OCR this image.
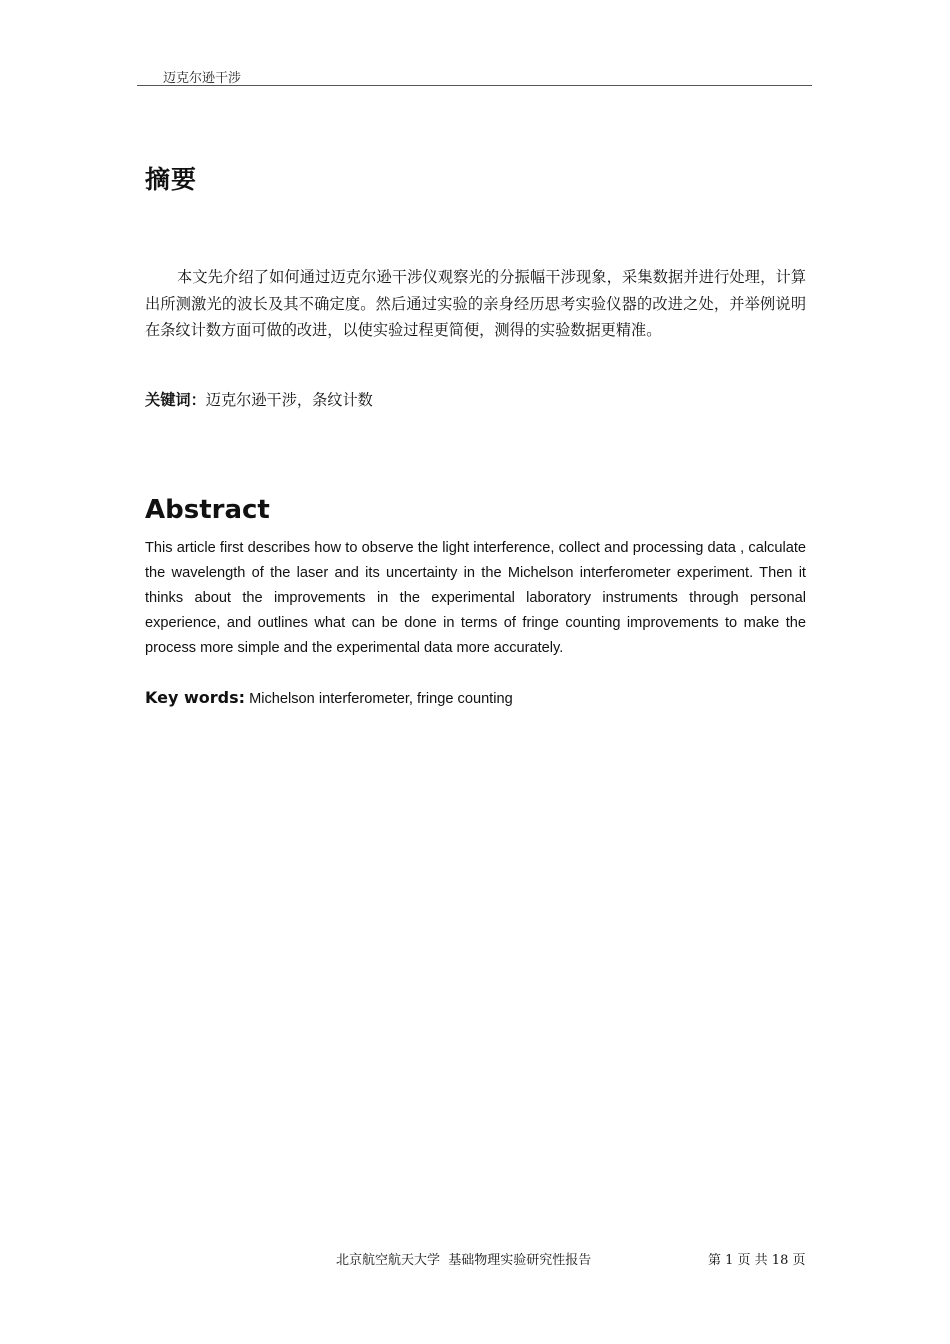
迈克尔逊干涉
摘要

本文先介绍了如何通过迈克尔逊干涉仪观察光的分振幅干涉现象，采集数据并进行处理，计算出所测激光的波长及其不确定度。然后通过实验的亲身经历思考实验仪器的改进之处，并举例说明在条纹计数方面可做的改进，以使实验过程更简便，测得的实验数据更精准。

关键词：迈克尔逊干涉，条纹计数

Abstract

This article first describes how to observe the light interference, collect and processing data , calculate the wavelength of the laser and its uncertainty in the Michelson interferometer experiment. Then it thinks about the improvements in the experimental laboratory instruments through personal experience, and outlines what can be done in terms of fringe counting improvements to make the process more simple and the experimental data more accurately.

Key words: Michelson interferometer, fringe counting

北京航空航天大学  基础物理实验研究性报告	第 1 页 共 18 页
